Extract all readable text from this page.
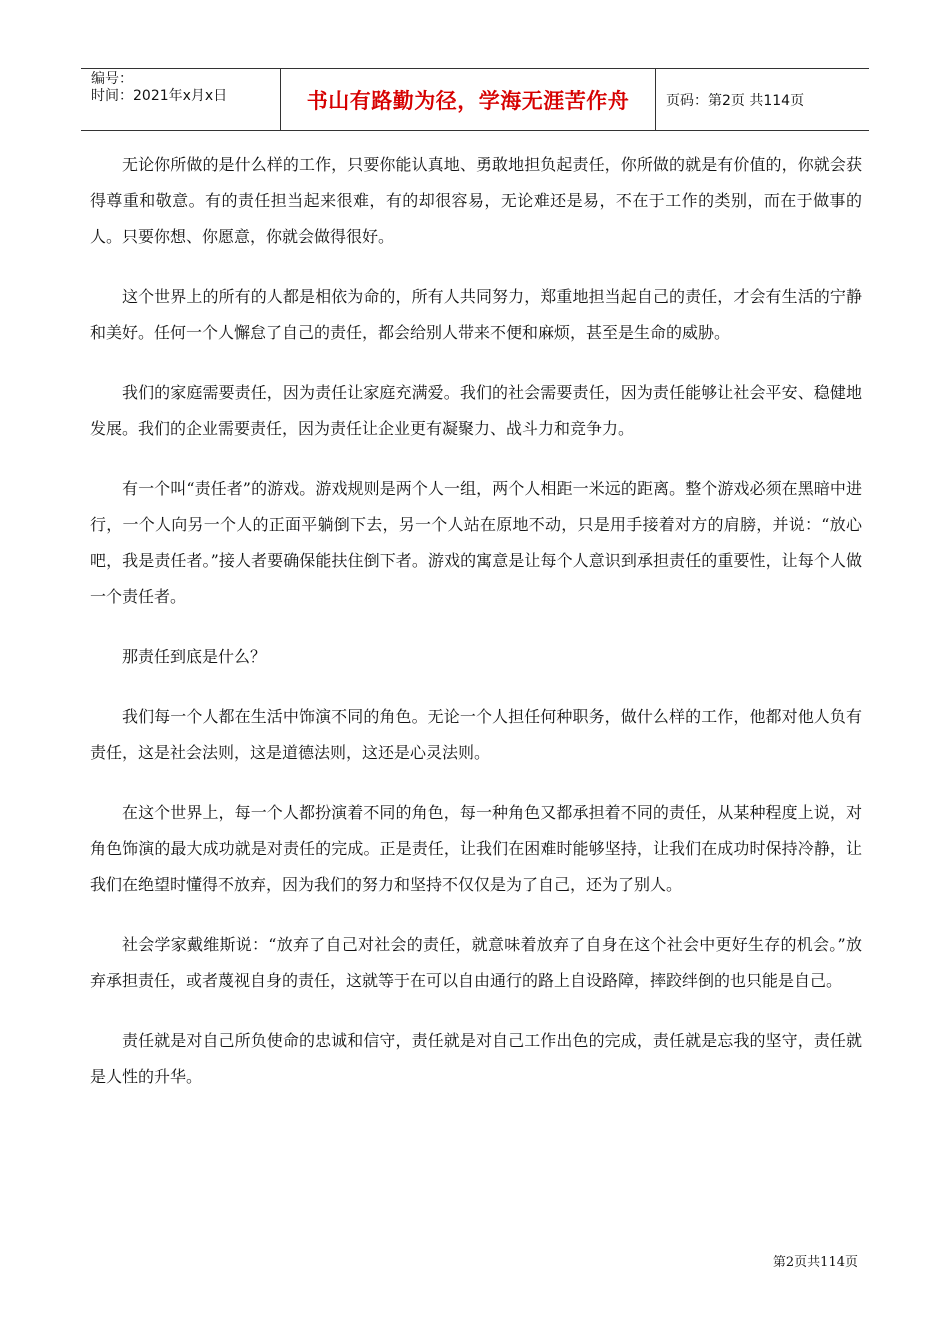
编号：
时间：2021年x月x日	书山有路勤为径，学海无涯苦作舟	页码：第2页 共114页

无论你所做的是什么样的工作，只要你能认真地、勇敢地担负起责任，你所做的就是有价值的，你就会获得尊重和敬意。有的责任担当起来很难，有的却很容易，无论难还是易，不在于工作的类别，而在于做事的人。只要你想、你愿意，你就会做得很好。

这个世界上的所有的人都是相依为命的，所有人共同努力，郑重地担当起自己的责任，才会有生活的宁静和美好。任何一个人懈怠了自己的责任，都会给别人带来不便和麻烦，甚至是生命的威胁。

我们的家庭需要责任，因为责任让家庭充满爱。我们的社会需要责任，因为责任能够让社会平安、稳健地发展。我们的企业需要责任，因为责任让企业更有凝聚力、战斗力和竞争力。

有一个叫“责任者”的游戏。游戏规则是两个人一组，两个人相距一米远的距离。整个游戏必须在黑暗中进行，一个人向另一个人的正面平躺倒下去，另一个人站在原地不动，只是用手接着对方的肩膀，并说：“放心吧，我是责任者。”接人者要确保能扶住倒下者。游戏的寓意是让每个人意识到承担责任的重要性，让每个人做一个责任者。

那责任到底是什么？

我们每一个人都在生活中饰演不同的角色。无论一个人担任何种职务，做什么样的工作，他都对他人负有责任，这是社会法则，这是道德法则，这还是心灵法则。

在这个世界上，每一个人都扮演着不同的角色，每一种角色又都承担着不同的责任，从某种程度上说，对角色饰演的最大成功就是对责任的完成。正是责任，让我们在困难时能够坚持，让我们在成功时保持冷静，让我们在绝望时懂得不放弃，因为我们的努力和坚持不仅仅是为了自己，还为了别人。

社会学家戴维斯说：“放弃了自己对社会的责任，就意味着放弃了自身在这个社会中更好生存的机会。”放弃承担责任，或者蔑视自身的责任，这就等于在可以自由通行的路上自设路障，摔跤绊倒的也只能是自己。

责任就是对自己所负使命的忠诚和信守，责任就是对自己工作出色的完成，责任就是忘我的坚守，责任就是人性的升华。

第2页共114页
